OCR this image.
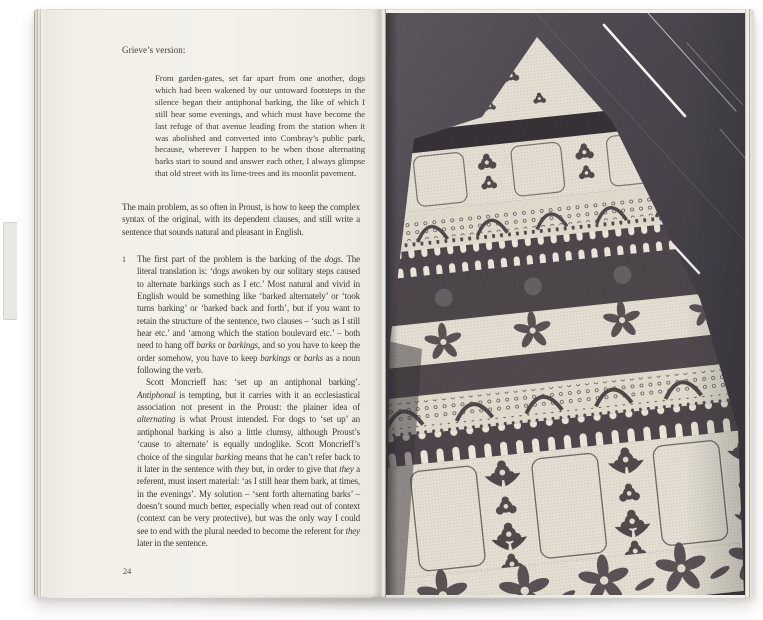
Grieve’s version:
From garden-gates, set far apart from one another, dogs which had been wakened by our untoward footsteps in the silence began their antiphonal barking, the like of which I still hear some evenings, and which must have become the last refuge of that avenue leading from the station when it was abolished and converted into Combray’s public park, because, wherever I happen to be when those alternating barks start to sound and answer each other, I always glimpse that old street with its lime-trees and its moonlit pavement.
The main problem, as so often in Proust, is how to keep the complex syntax of the original, with its dependent clauses, and still write a sentence that sounds natural and pleasant in English.
1 The first part of the problem is the barking of the dogs. The literal translation is: ‘dogs awoken by our solitary steps caused to alternate barkings such as I etc.’ Most natural and vivid in English would be something like ‘barked alternately’ or ‘took turns barking’ or ‘barked back and forth’, but if you want to retain the structure of the sentence, two clauses – ‘such as I still hear etc.’ and ‘among which the station boulevard etc.’ – both need to hang off barks or barkings, and so you have to keep the order somehow, you have to keep barkings or barks as a noun following the verb.

Scott Moncrieff has: ‘set up an antiphonal barking’. Antiphonal is tempting, but it carries with it an ecclesiastical association not present in the Proust: the plainer idea of alternating is what Proust intended. For dogs to ‘set up’ an antiphonal barking is also a little clumsy, although Proust’s ‘cause to alternate’ is equally undoglike. Scott Moncrieff’s choice of the singular barking means that he can’t refer back to it later in the sentence with they but, in order to give that they a referent, must insert material: ‘as I still hear them bark, at times, in the evenings’. My solution – ‘sent forth alternating barks’ – doesn’t sound much better, especially when read out of context (context can be very protective), but was the only way I could see to end with the plural needed to become the referent for they later in the sentence.

24
